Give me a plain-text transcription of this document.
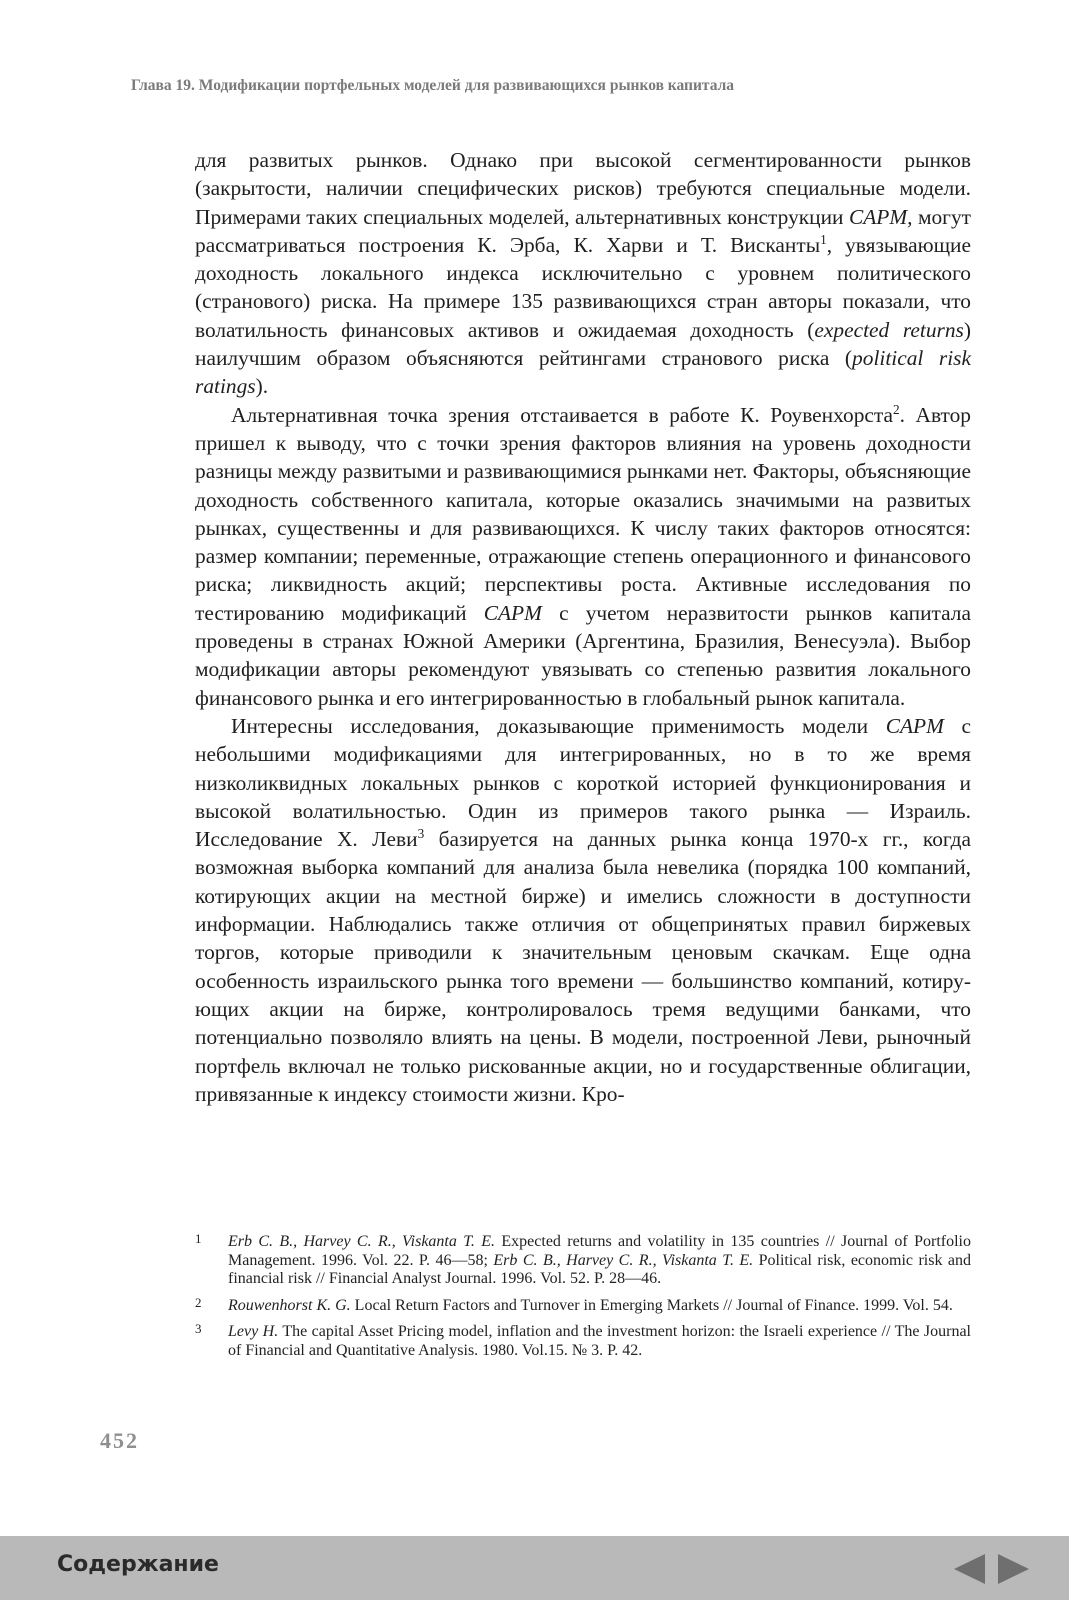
Глава 19. Модификации портфельных моделей для развивающихся рынков капитала

для развитых рынков. Однако при высокой сегментированности рынков (закрытости, наличии специфических рисков) требуются специальные модели. Примерами таких специальных моделей, альтернативных конструкции CAPM, могут рассматриваться построения К. Эрба, К. Харви и Т. Висканты$^1$, увязывающие доходность локального индекса исключительно с уровнем политического (странового) риска. На примере 135 развивающихся стран авторы показали, что волатильность финансовых активов и ожидаемая доходность (expected returns) наилучшим образом объясняются рейтингами странового риска (political risk ratings).

Альтернативная точка зрения отстаивается в работе К. Роувенхорста$^2$. Автор пришел к выводу, что с точки зрения факторов влияния на уровень доходности разницы между развитыми и развивающимися рынками нет. Факторы, объясняющие доходность собственного капитала, которые оказались значимыми на развитых рынках, существенны и для развивающихся. К числу таких факторов относятся: размер компании; переменные, отражающие степень операционного и финансового риска; ликвидность акций; перспективы роста. Активные исследования по тестированию модификаций CAPM с учетом неразвитости рынков капитала проведены в странах Южной Америки (Аргентина, Бразилия, Венесуэла). Выбор модификации авторы рекомендуют увязывать со степенью развития локального финансового рынка и его интегрированностью в глобальный рынок капитала.

Интересны исследования, доказывающие применимость модели CAPM с небольшими модификациями для интегрированных, но в то же время низколиквидных локальных рынков с короткой историей функционирования и высокой волатильностью. Один из примеров такого рынка — Израиль. Исследование Х. Леви$^3$ базируется на данных рынка конца 1970-х гг., когда возможная выборка компаний для анализа была невелика (порядка 100 компаний, котирующих акции на местной бирже) и имелись сложности в доступности информации. Наблюдались также отличия от общепринятых правил биржевых торгов, которые приводили к значительным ценовым скачкам. Еще одна особенность израильского рынка того времени — большинство компаний, котирующих акции на бирже, контролировалось тремя ведущими банками, что потенциально позволяло влиять на цены. В модели, построенной Леви, рыночный портфель включал не только рискованные акции, но и государственные облигации, привязанные к индексу стоимости жизни. Кро-

1 Erb C. B., Harvey C. R., Viskanta T. E. Expected returns and volatility in 135 countries // Journal of Portfolio Management. 1996. Vol. 22. P. 46—58; Erb C. B., Harvey C. R., Viskanta T. E. Political risk, economic risk and financial risk // Financial Analyst Journal. 1996. Vol. 52. P. 28—46.
2 Rouwenhorst K. G. Local Return Factors and Turnover in Emerging Markets // Journal of Finance. 1999. Vol. 54.
3 Levy H. The capital Asset Pricing model, inflation and the investment horizon: the Israeli experience // The Journal of Financial and Quantitative Analysis. 1980. Vol.15. № 3. P. 42.
452
Содержание
